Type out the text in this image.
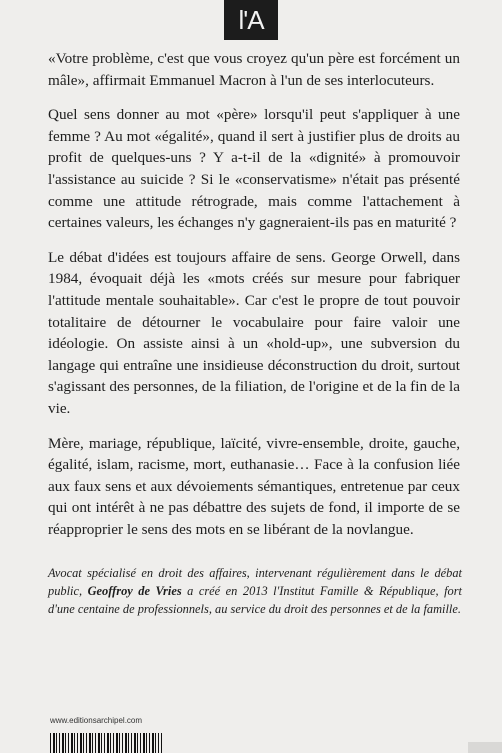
l'A

«Votre problème, c'est que vous croyez qu'un père est forcément un mâle», affirmait Emmanuel Macron à l'un de ses interlocuteurs.

Quel sens donner au mot «père» lorsqu'il peut s'appliquer à une femme ? Au mot «égalité», quand il sert à justifier plus de droits au profit de quelques-uns ? Y a-t-il de la «dignité» à promouvoir l'assistance au suicide ? Si le «conservatisme» n'était pas présenté comme une attitude rétrograde, mais comme l'attachement à certaines valeurs, les échanges n'y gagneraient-ils pas en maturité ?

Le débat d'idées est toujours affaire de sens. George Orwell, dans 1984, évoquait déjà les «mots créés sur mesure pour fabriquer l'attitude mentale souhaitable». Car c'est le propre de tout pouvoir totalitaire de détourner le vocabulaire pour faire valoir une idéologie. On assiste ainsi à un «hold-up», une subversion du langage qui entraîne une insidieuse déconstruction du droit, surtout s'agissant des personnes, de la filiation, de l'origine et de la fin de la vie.

Mère, mariage, république, laïcité, vivre-ensemble, droite, gauche, égalité, islam, racisme, mort, euthanasie… Face à la confusion liée aux faux sens et aux dévoiements sémantiques, entretenue par ceux qui ont intérêt à ne pas débattre des sujets de fond, il importe de se réapproprier le sens des mots en se libérant de la novlangue.

Avocat spécialisé en droit des affaires, intervenant régulièrement dans le débat public, Geoffroy de Vries a créé en 2013 l'Institut Famille & République, fort d'une centaine de professionnels, au service du droit des personnes et de la famille.

www.editionsarchipel.com
